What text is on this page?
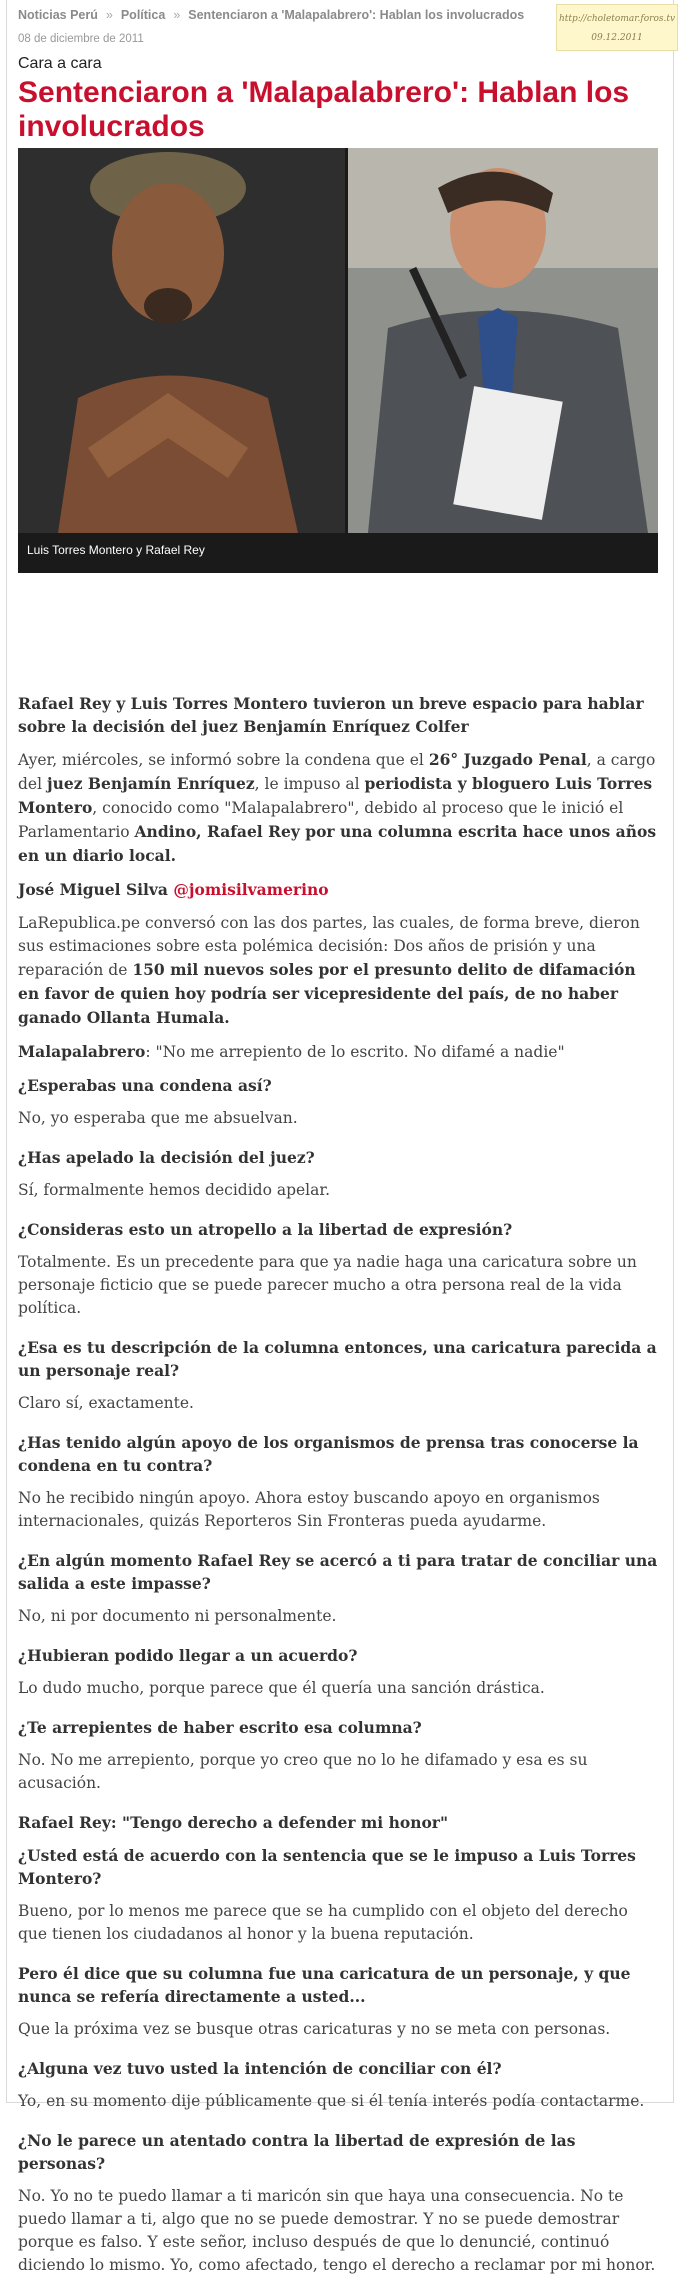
Noticias Perú » Política » Sentenciaron a 'Malapalabrero': Hablan los involucrados
08 de diciembre de 2011
http://choletomar.foros.tv
09.12.2011
Cara a cara
Sentenciaron a 'Malapalabrero': Hablan los involucrados
Luis Torres Montero y Rafael Rey

Rafael Rey y Luis Torres Montero tuvieron un breve espacio para hablar sobre la decisión del juez Benjamín Enríquez Colfer

Ayer, miércoles, se informó sobre la condena que el 26° Juzgado Penal, a cargo del juez Benjamín Enríquez, le impuso al periodista y bloguero Luis Torres Montero, conocido como "Malapalabrero", debido al proceso que le inició el Parlamentario Andino, Rafael Rey por una columna escrita hace unos años en un diario local.

José Miguel Silva @jomisilvamerino

LaRepublica.pe conversó con las dos partes, las cuales, de forma breve, dieron sus estimaciones sobre esta polémica decisión: Dos años de prisión y una reparación de 150 mil nuevos soles por el presunto delito de difamación en favor de quien hoy podría ser vicepresidente del país, de no haber ganado Ollanta Humala.

Malapalabrero: "No me arrepiento de lo escrito. No difamé a nadie"

¿Esperabas una condena así?

No, yo esperaba que me absuelvan.

¿Has apelado la decisión del juez?

Sí, formalmente hemos decidido apelar.

¿Consideras esto un atropello a la libertad de expresión?

Totalmente. Es un precedente para que ya nadie haga una caricatura sobre un personaje ficticio que se puede parecer mucho a otra persona real de la vida política.

¿Esa es tu descripción de la columna entonces, una caricatura parecida a un personaje real?

Claro sí, exactamente.

¿Has tenido algún apoyo de los organismos de prensa tras conocerse la condena en tu contra?

No he recibido ningún apoyo. Ahora estoy buscando apoyo en organismos internacionales, quizás Reporteros Sin Fronteras pueda ayudarme.

¿En algún momento Rafael Rey se acercó a ti para tratar de conciliar una salida a este impasse?

No, ni por documento ni personalmente.

¿Hubieran podido llegar a un acuerdo?

Lo dudo mucho, porque parece que él quería una sanción drástica.

¿Te arrepientes de haber escrito esa columna?

No. No me arrepiento, porque yo creo que no lo he difamado y esa es su acusación.

Rafael Rey: "Tengo derecho a defender mi honor"

¿Usted está de acuerdo con la sentencia que se le impuso a Luis Torres Montero?

Bueno, por lo menos me parece que se ha cumplido con el objeto del derecho que tienen los ciudadanos al honor y la buena reputación.

Pero él dice que su columna fue una caricatura de un personaje, y que nunca se refería directamente a usted...

Que la próxima vez se busque otras caricaturas y no se meta con personas.

¿Alguna vez tuvo usted la intención de conciliar con él?

Yo, en su momento dije públicamente que si él tenía interés podía contactarme.

¿No le parece un atentado contra la libertad de expresión de las personas?

No. Yo no te puedo llamar a ti maricón sin que haya una consecuencia. No te puedo llamar a ti, algo que no se puede demostrar. Y no se puede demostrar porque es falso. Y este señor, incluso después de que lo denuncié, continuó diciendo lo mismo. Yo, como afectado, tengo el derecho a reclamar por mi honor.
